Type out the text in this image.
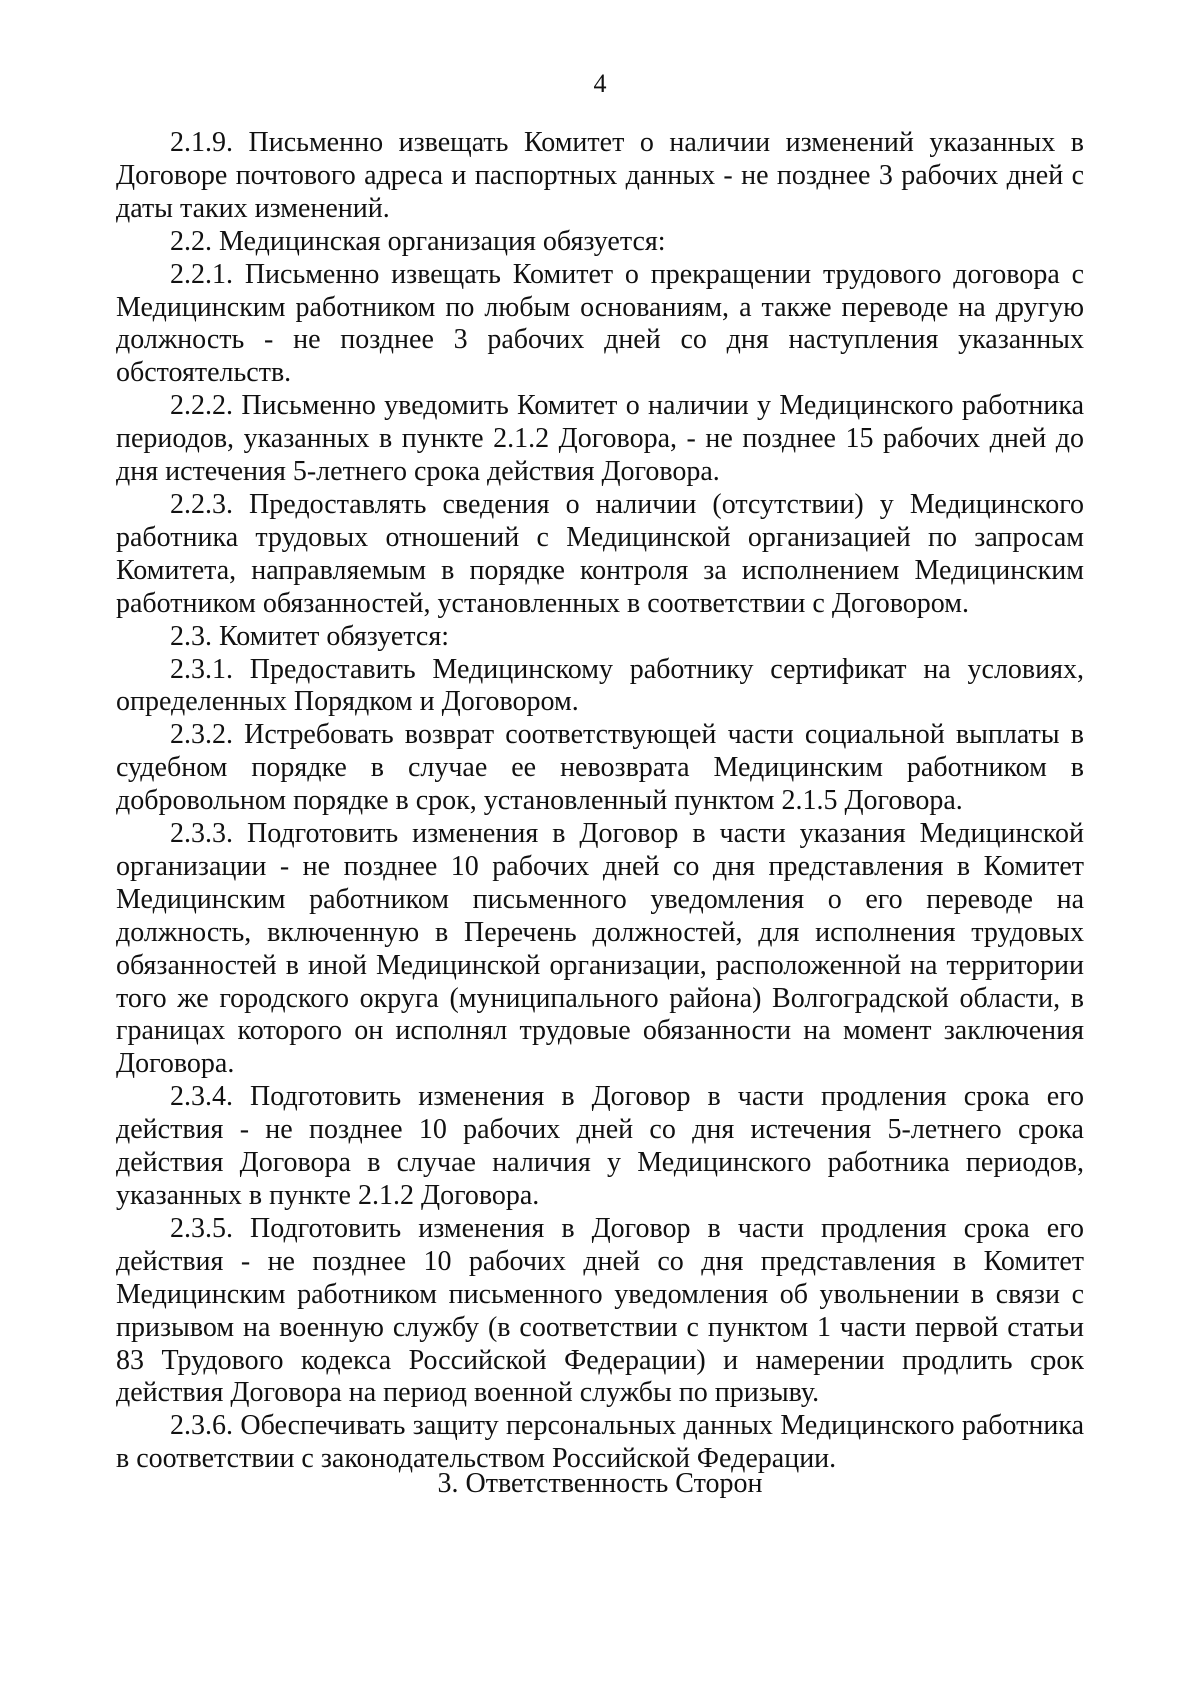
4

2.1.9. Письменно извещать Комитет о наличии изменений указанных в Договоре почтового адреса и паспортных данных - не позднее 3 рабочих дней с даты таких изменений.

2.2. Медицинская организация обязуется:

2.2.1. Письменно извещать Комитет о прекращении трудового договора с Медицинским работником по любым основаниям, а также переводе на другую должность - не позднее 3 рабочих дней со дня наступления указанных обстоятельств.

2.2.2. Письменно уведомить Комитет о наличии у Медицинского работника периодов, указанных в пункте 2.1.2 Договора, - не позднее 15 рабочих дней до дня истечения 5-летнего срока действия Договора.

2.2.3. Предоставлять сведения о наличии (отсутствии) у Медицинского работника трудовых отношений с Медицинской организацией по запросам Комитета, направляемым в порядке контроля за исполнением Медицинским работником обязанностей, установленных в соответствии с Договором.

2.3. Комитет обязуется:

2.3.1. Предоставить Медицинскому работнику сертификат на условиях, определенных Порядком и Договором.

2.3.2. Истребовать возврат соответствующей части социальной выплаты в судебном порядке в случае ее невозврата Медицинским работником в добровольном порядке в срок, установленный пунктом 2.1.5 Договора.

2.3.3. Подготовить изменения в Договор в части указания Медицинской организации - не позднее 10 рабочих дней со дня представления в Комитет Медицинским работником письменного уведомления о его переводе на должность, включенную в Перечень должностей, для исполнения трудовых обязанностей в иной Медицинской организации, расположенной на территории того же городского округа (муниципального района) Волгоградской области, в границах которого он исполнял трудовые обязанности на момент заключения Договора.

2.3.4. Подготовить изменения в Договор в части продления срока его действия - не позднее 10 рабочих дней со дня истечения 5-летнего срока действия Договора в случае наличия у Медицинского работника периодов, указанных в пункте 2.1.2 Договора.

2.3.5. Подготовить изменения в Договор в части продления срока его действия - не позднее 10 рабочих дней со дня представления в Комитет Медицинским работником письменного уведомления об увольнении в связи с призывом на военную службу (в соответствии с пунктом 1 части первой статьи 83 Трудового кодекса Российской Федерации) и намерении продлить срок действия Договора на период военной службы по призыву.

2.3.6. Обеспечивать защиту персональных данных Медицинского работника в соответствии с законодательством Российской Федерации.

3. Ответственность Сторон
